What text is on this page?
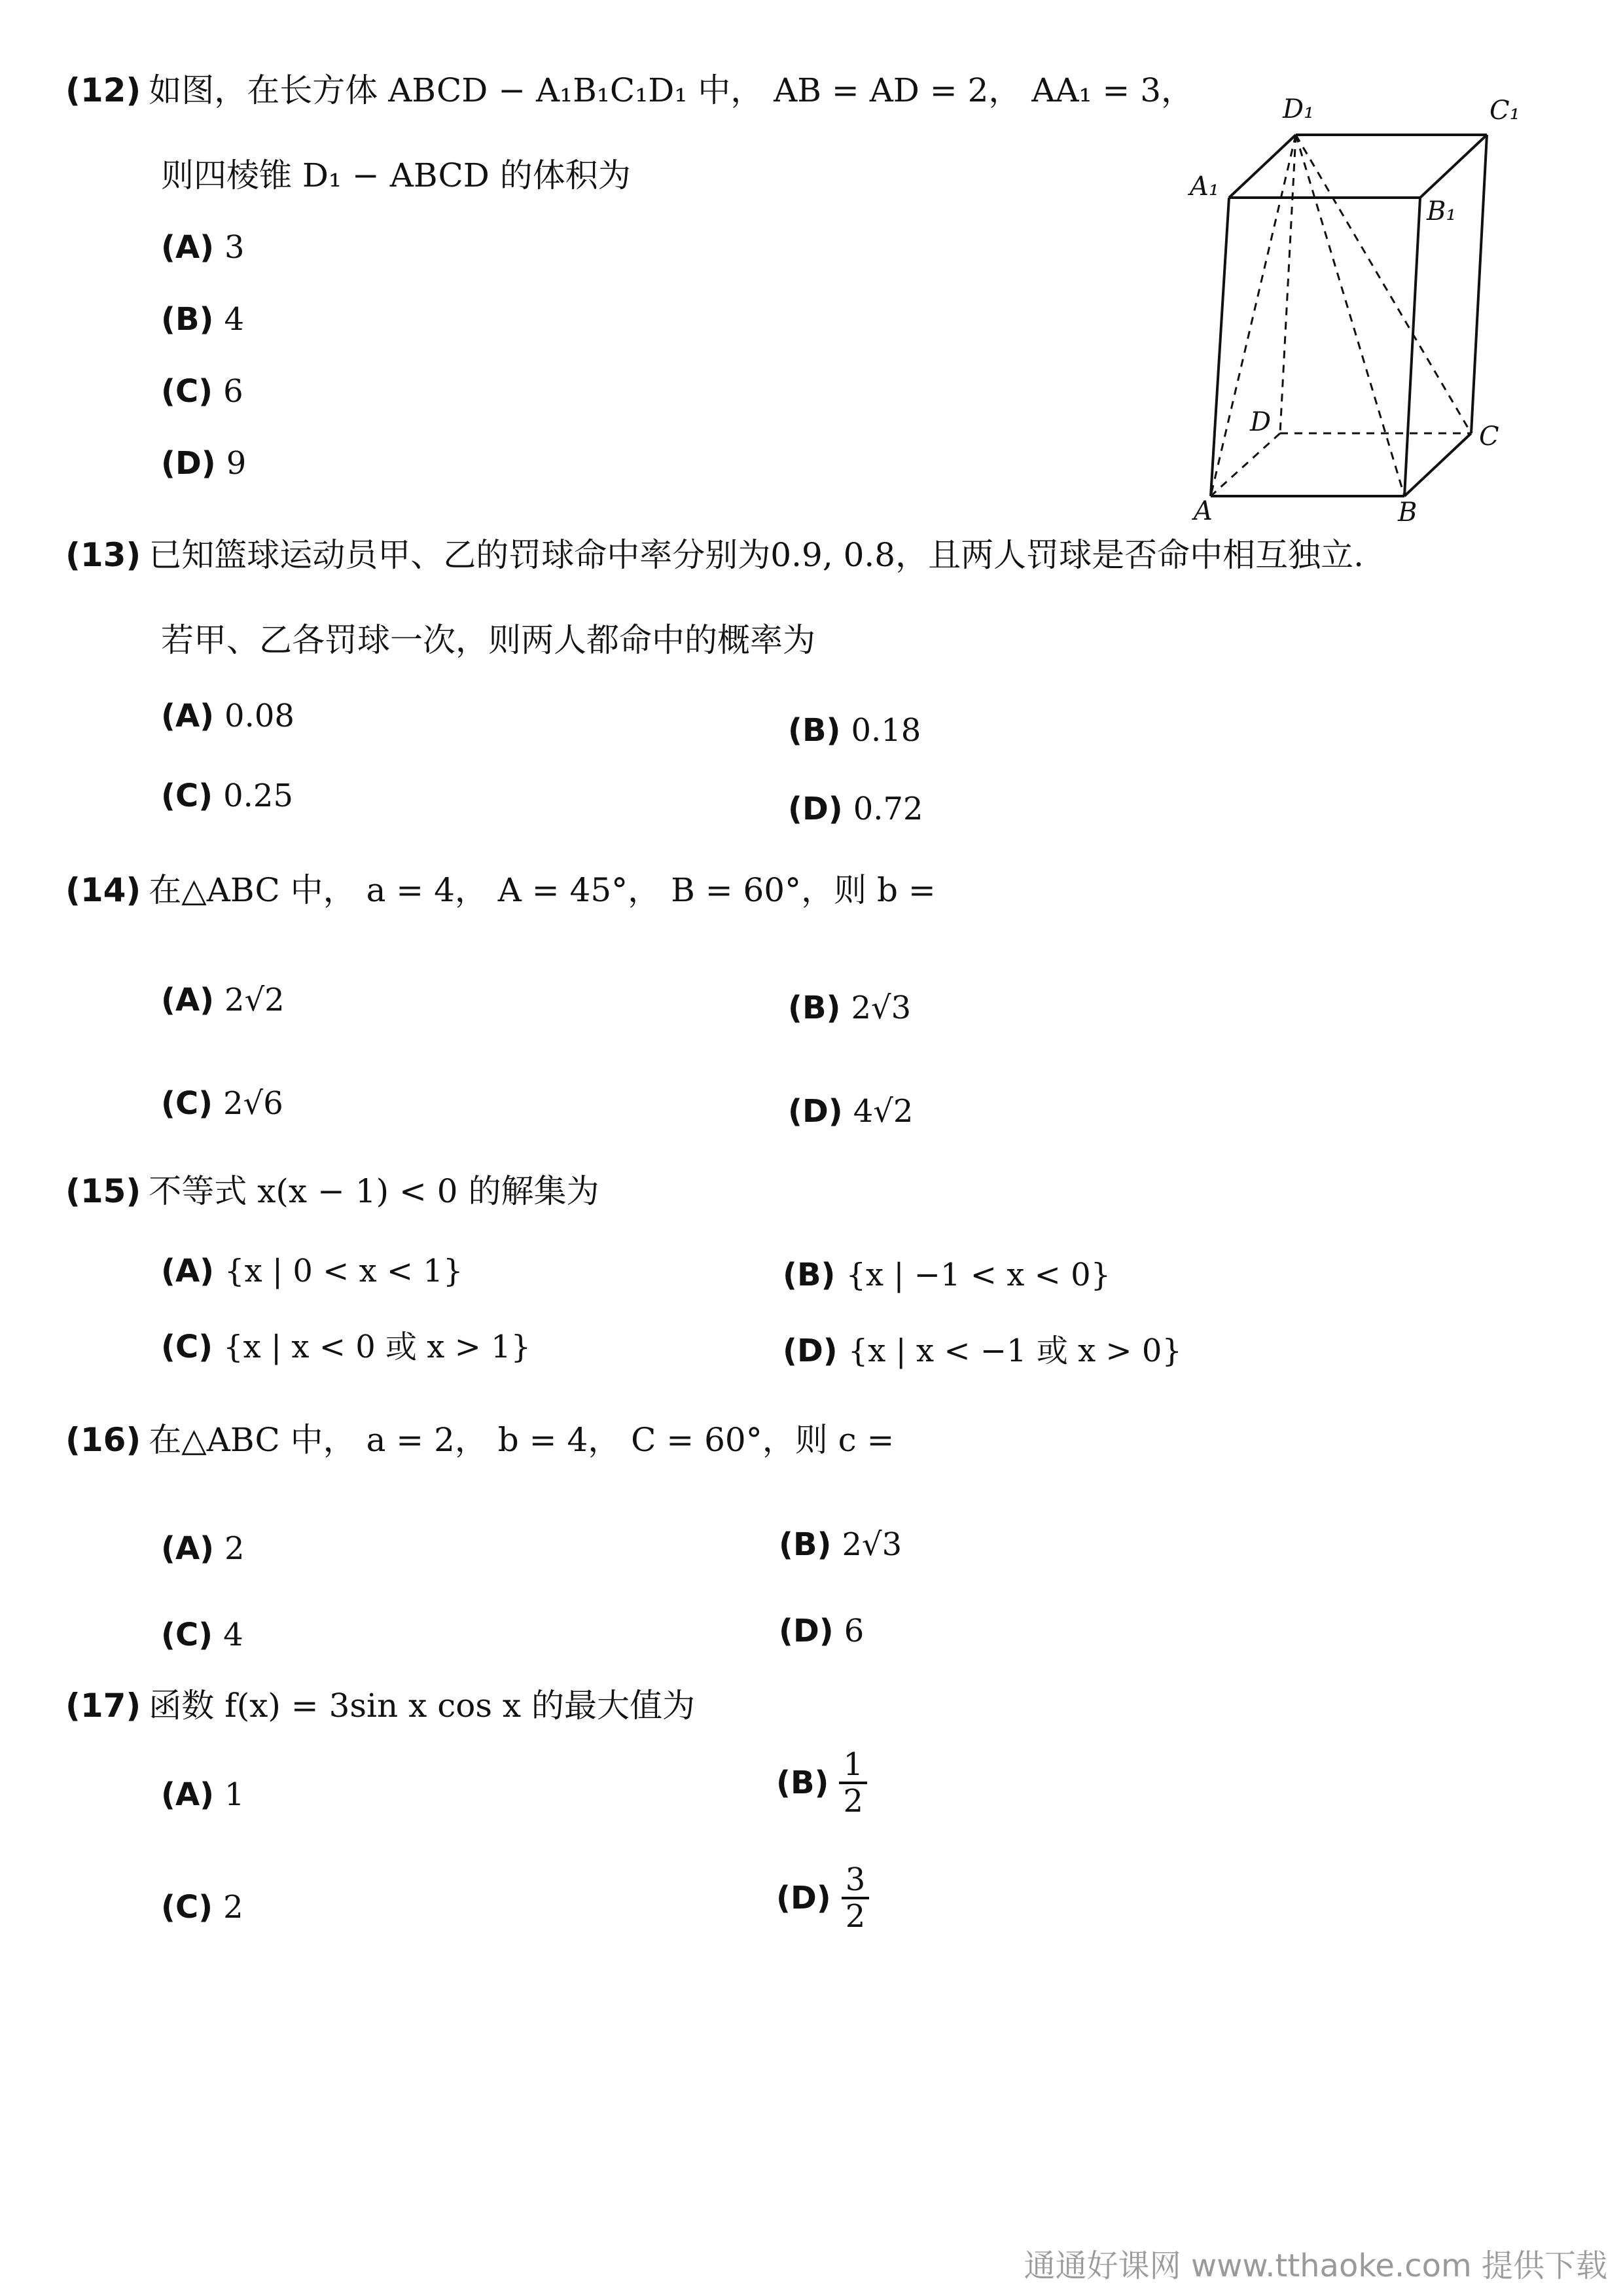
(12) 如图，在长方体 ABCD − A₁B₁C₁D₁ 中， AB = AD = 2， AA₁ = 3，
则四棱锥 D₁ − ABCD 的体积为
(A) 3
(B) 4
(C) 6
(D) 9
D₁	C₁
A₁
B₁
D	C
A	B
(13) 已知篮球运动员甲、乙的罚球命中率分别为0.9, 0.8，且两人罚球是否命中相互独立.
若甲、乙各罚球一次，则两人都命中的概率为
(A) 0.08	(B) 0.18
(C) 0.25	(D) 0.72
(14) 在△ABC 中， a = 4， A = 45°， B = 60°，则 b =
(A) 2√2	(B) 2√3
(C) 2√6	(D) 4√2
(15) 不等式 x(x − 1) < 0 的解集为
(A) {x | 0 < x < 1}	(B) {x | −1 < x < 0}
(C) {x | x < 0 或 x > 1}	(D) {x | x < −1 或 x > 0}
(16) 在△ABC 中， a = 2， b = 4， C = 60°，则 c =
(A) 2	(B) 2√3
(C) 4	(D) 6
(17) 函数 f(x) = 3sin x cos x 的最大值为
(A) 1	$(B) \frac{1}{2}$
(C) 2	$(D) \frac{3}{2}$
通通好课网 www.tthaoke.com 提供下载
